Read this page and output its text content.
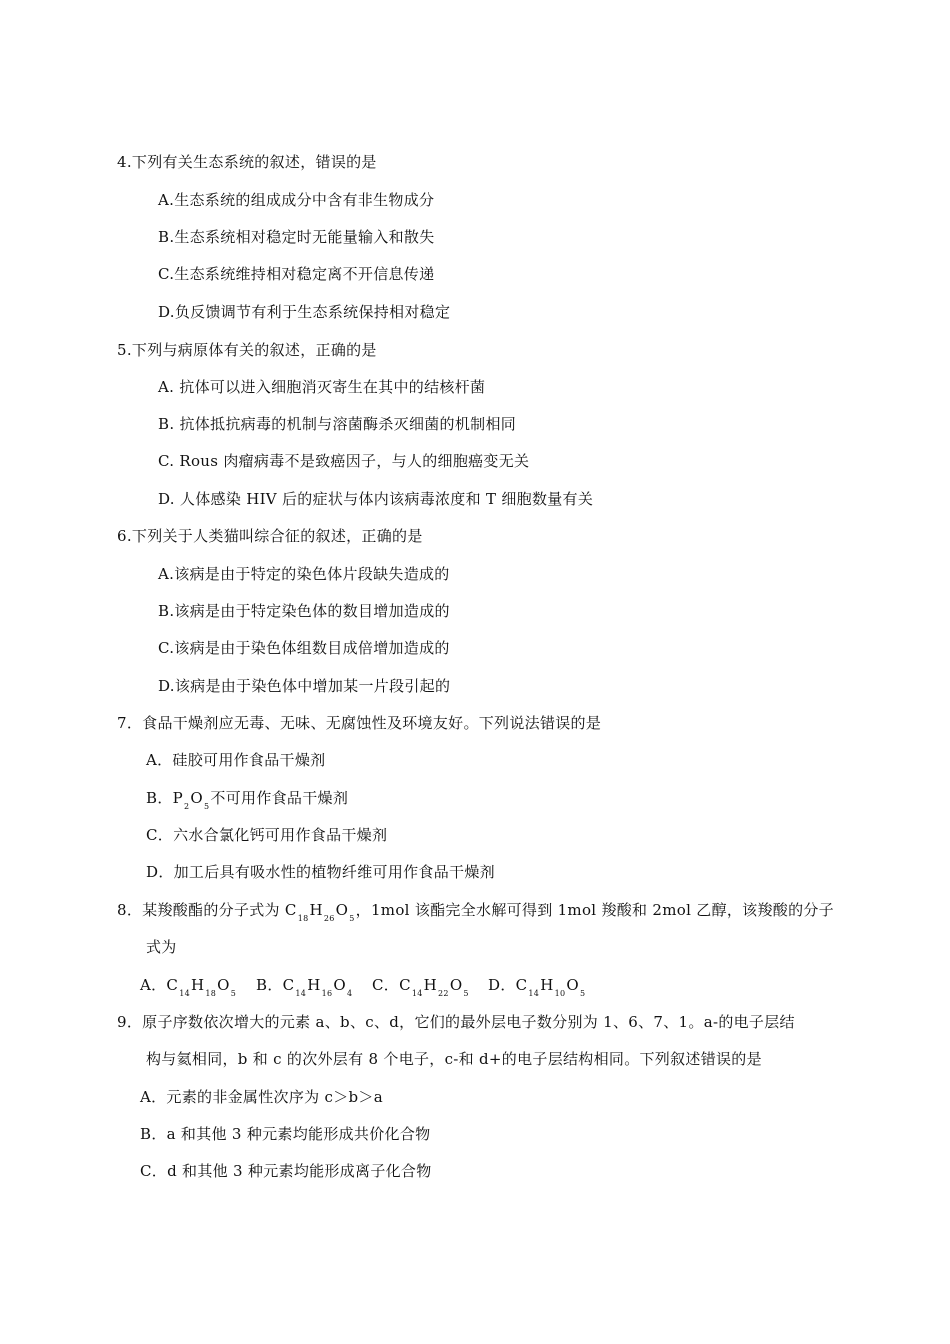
4.下列有关生态系统的叙述，错误的是
A.生态系统的组成成分中含有非生物成分
B.生态系统相对稳定时无能量输入和散失
C.生态系统维持相对稳定离不开信息传递
D.负反馈调节有利于生态系统保持相对稳定
5.下列与病原体有关的叙述，正确的是
A. 抗体可以进入细胞消灭寄生在其中的结核杆菌
B. 抗体抵抗病毒的机制与溶菌酶杀灭细菌的机制相同
C. Rous 肉瘤病毒不是致癌因子，与人的细胞癌变无关
D. 人体感染 HIV 后的症状与体内该病毒浓度和 T 细胞数量有关
6.下列关于人类猫叫综合征的叙述，正确的是
A.该病是由于特定的染色体片段缺失造成的
B.该病是由于特定染色体的数目增加造成的
C.该病是由于染色体组数目成倍增加造成的
D.该病是由于染色体中增加某一片段引起的
7．食品干燥剂应无毒、无味、无腐蚀性及环境友好。下列说法错误的是
A．硅胶可用作食品干燥剂
B．$P_2O_5$不可用作食品干燥剂
C．六水合氯化钙可用作食品干燥剂
D．加工后具有吸水性的植物纤维可用作食品干燥剂
8．某羧酸酯的分子式为 $C_{18}H_{26}O_5$，1mol 该酯完全水解可得到 1mol 羧酸和 2mol 乙醇，该羧酸的分子
式为
A．$C_{14}H_{18}O_5$ B．$C_{14}H_{16}O_4$ C．$C_{14}H_{22}O_5$ D．$C_{14}H_{10}O_5$
9．原子序数依次增大的元素 a、b、c、d，它们的最外层电子数分别为 1、6、7、1。a-的电子层结
构与氦相同，b 和 c 的次外层有 8 个电子，c-和 d+的电子层结构相同。下列叙述错误的是
A．元素的非金属性次序为 c＞b＞a
B．a 和其他 3 种元素均能形成共价化合物
C．d 和其他 3 种元素均能形成离子化合物
